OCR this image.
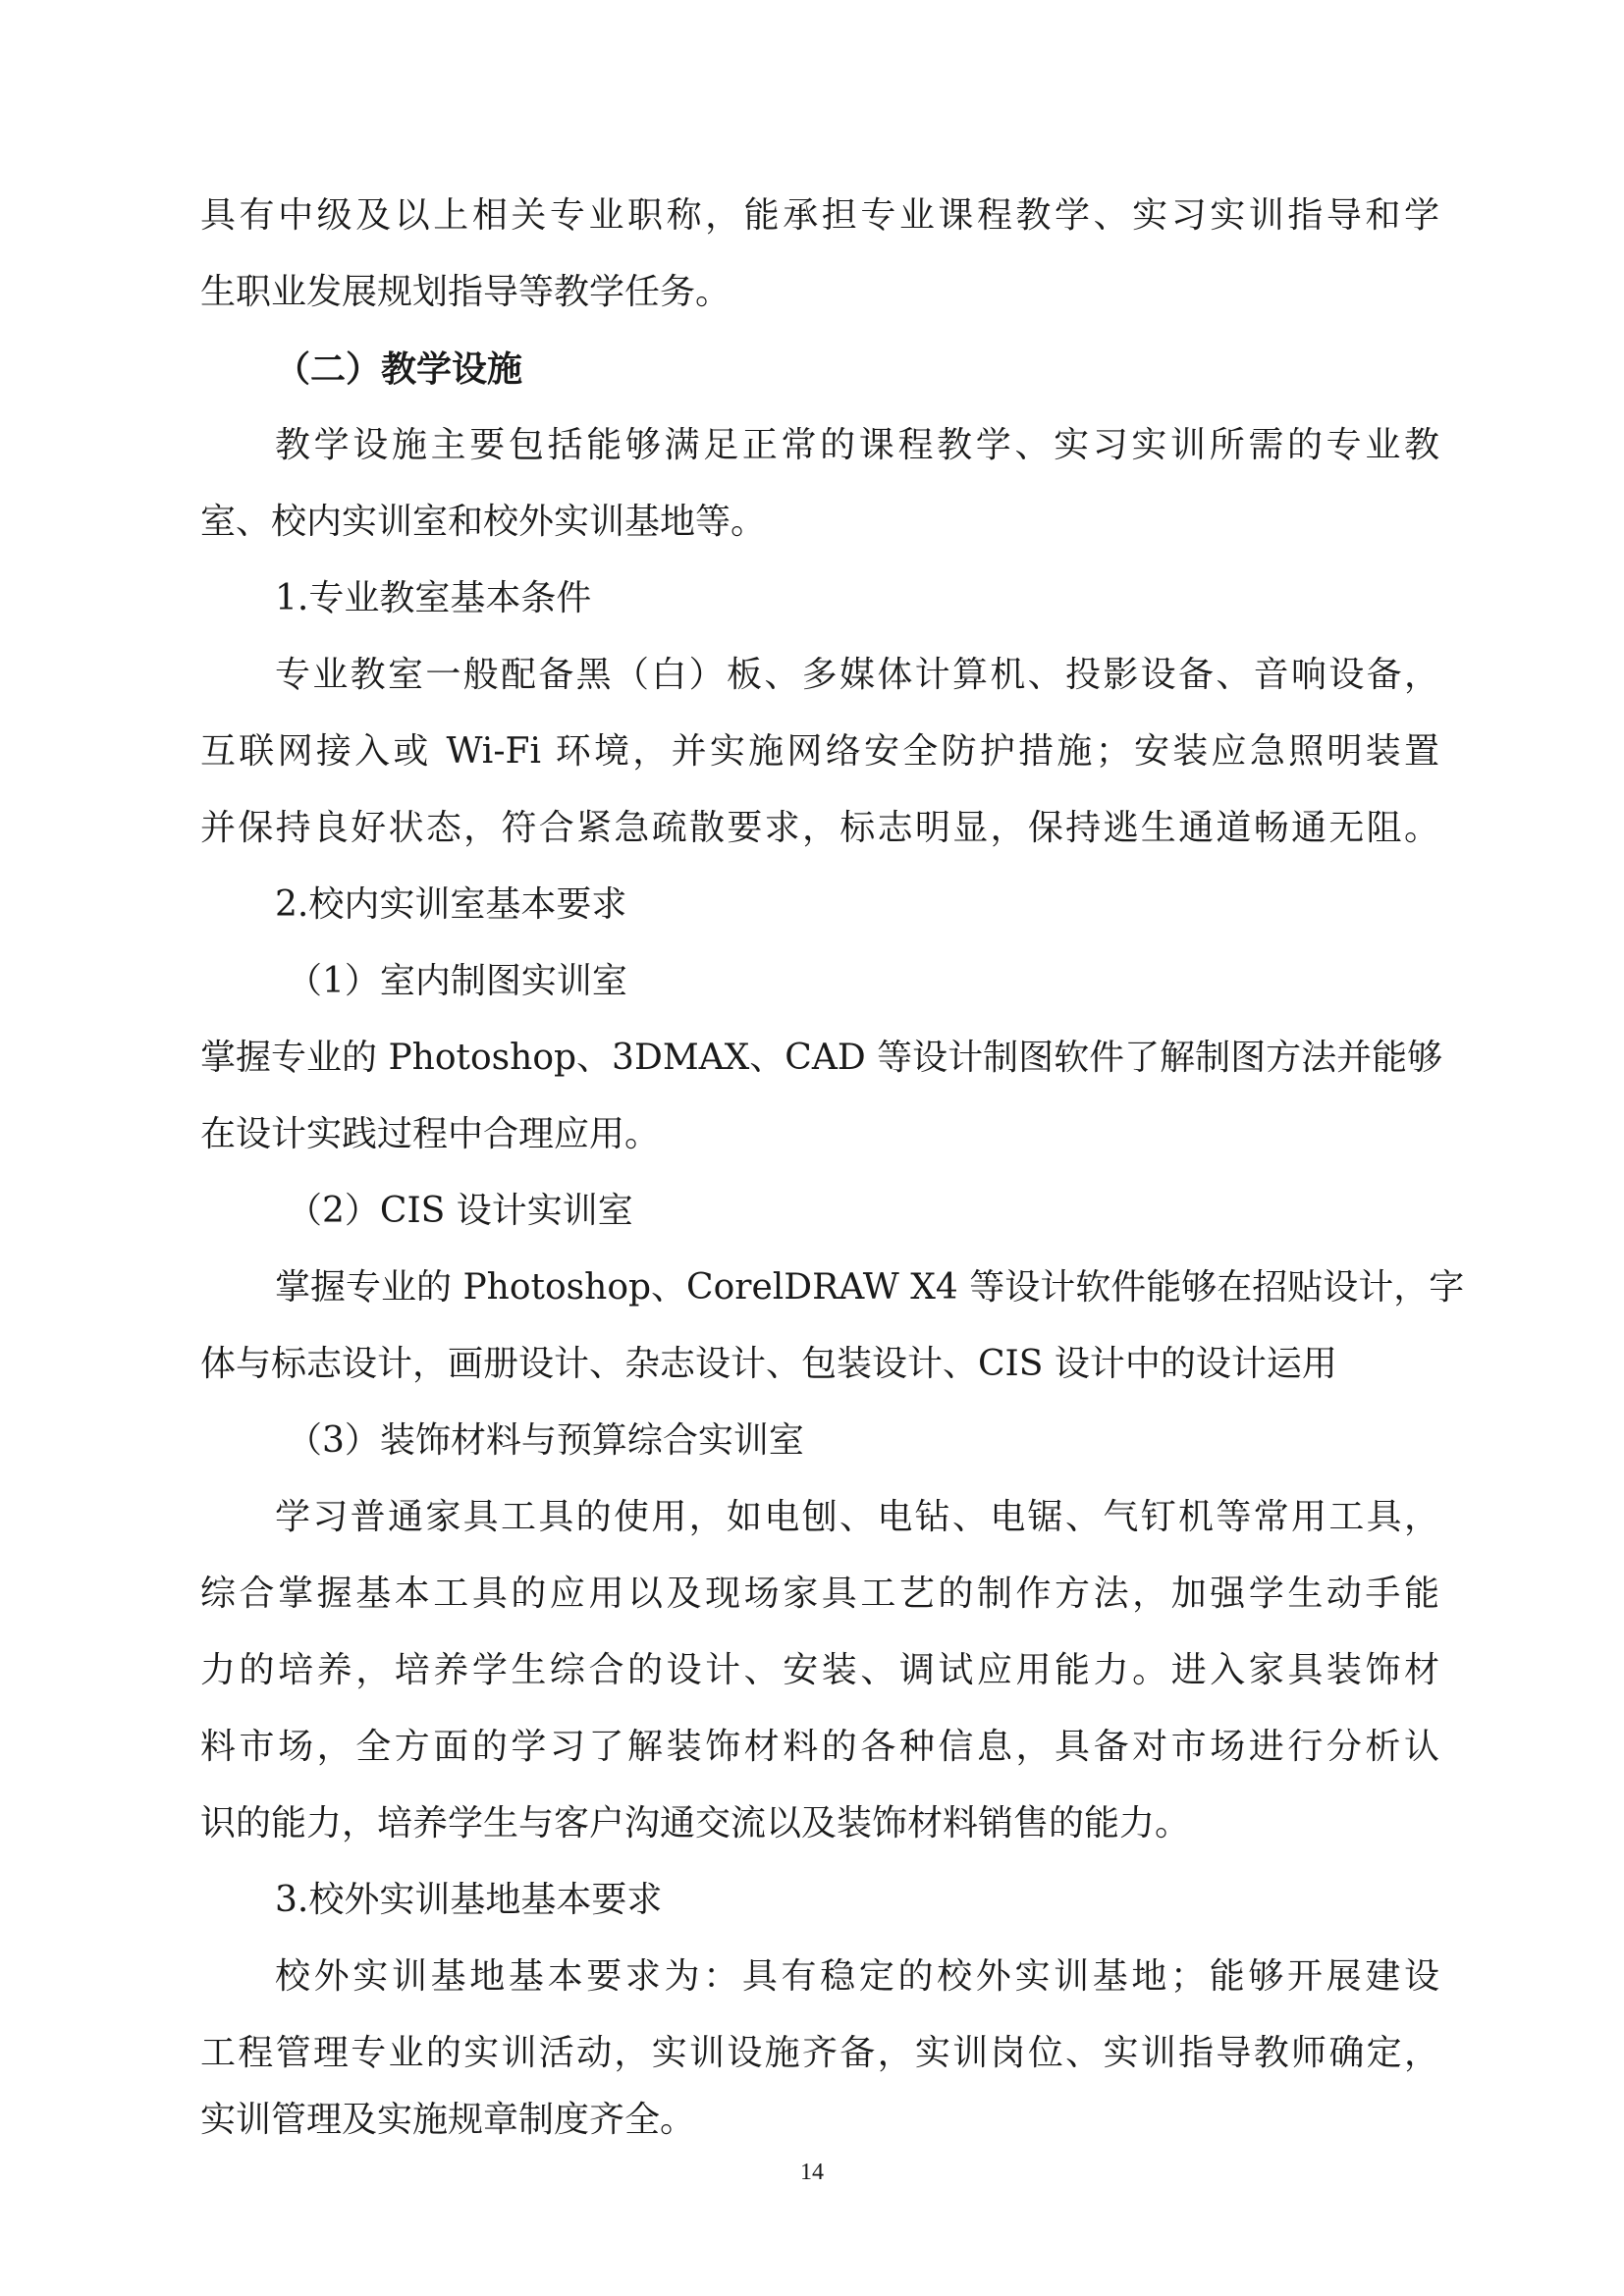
具有中级及以上相关专业职称，能承担专业课程教学、实习实训指导和学

生职业发展规划指导等教学任务。

（二）教学设施

教学设施主要包括能够满足正常的课程教学、实习实训所需的专业教

室、校内实训室和校外实训基地等。

1.专业教室基本条件

专业教室一般配备黑（白）板、多媒体计算机、投影设备、音响设备，

互联网接入或 Wi-Fi 环境，并实施网络安全防护措施；安装应急照明装置

并保持良好状态，符合紧急疏散要求，标志明显，保持逃生通道畅通无阻。

2.校内实训室基本要求

（1）室内制图实训室

掌握专业的 Photoshop、3DMAX、CAD 等设计制图软件了解制图方法并能够

在设计实践过程中合理应用。

（2）CIS 设计实训室

掌握专业的 Photoshop、CorelDRAW X4 等设计软件能够在招贴设计，字

体与标志设计，画册设计、杂志设计、包装设计、CIS 设计中的设计运用

（3）装饰材料与预算综合实训室

学习普通家具工具的使用，如电刨、电钻、电锯、气钉机等常用工具，

综合掌握基本工具的应用以及现场家具工艺的制作方法，加强学生动手能

力的培养，培养学生综合的设计、安装、调试应用能力。进入家具装饰材

料市场，全方面的学习了解装饰材料的各种信息，具备对市场进行分析认

识的能力，培养学生与客户沟通交流以及装饰材料销售的能力。

3.校外实训基地基本要求

校外实训基地基本要求为：具有稳定的校外实训基地；能够开展建设

工程管理专业的实训活动，实训设施齐备，实训岗位、实训指导教师确定，

实训管理及实施规章制度齐全。

14
